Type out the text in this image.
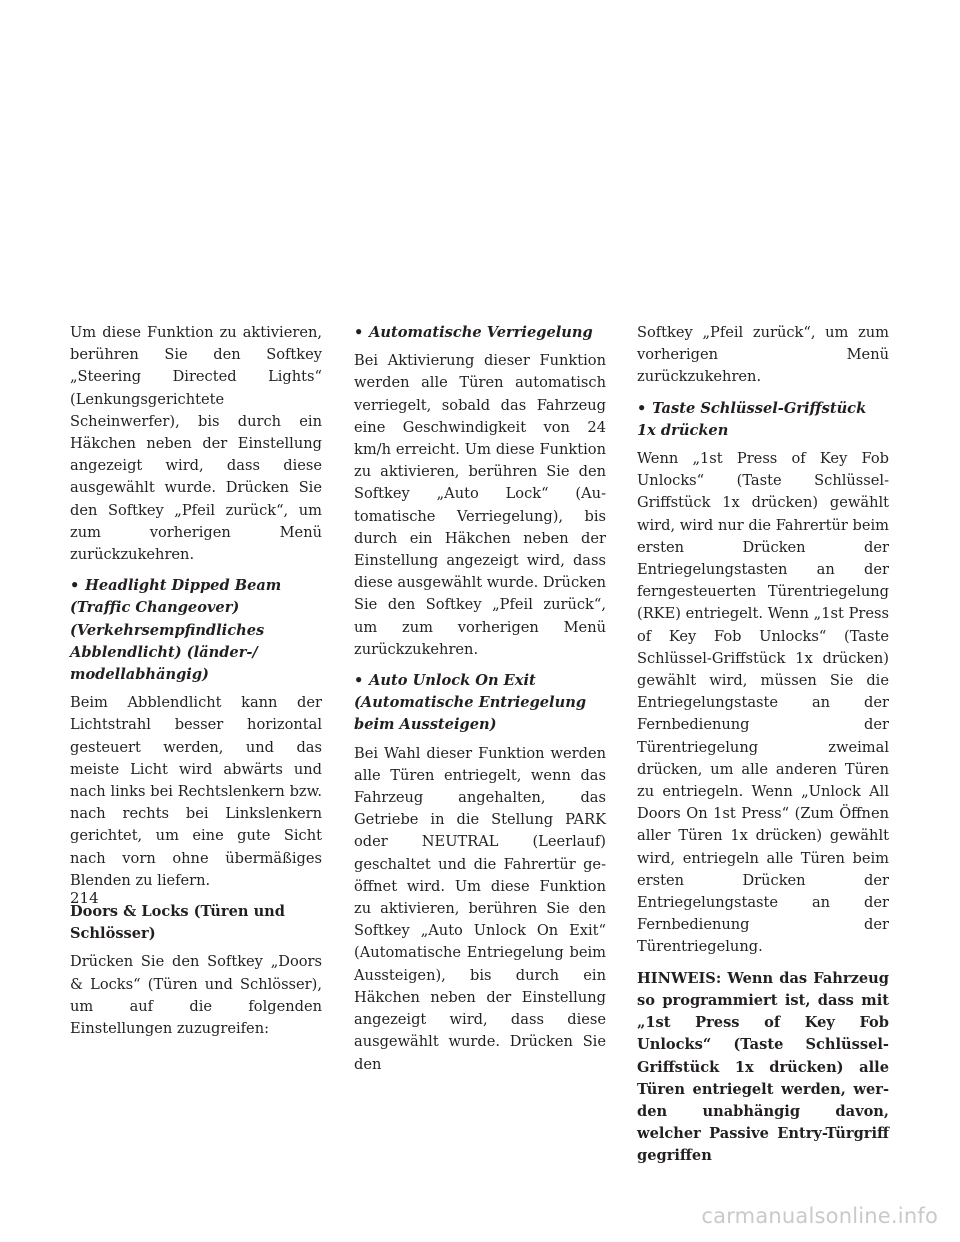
Um diese Funktion zu aktivieren, berühren Sie den Softkey „Steering Directed Lights“ (Lenkungsgerichtete Scheinwerfer), bis durch ein Häkchen neben der Einstellung angezeigt wird, dass diese ausgewählt wurde. Drücken Sie den Softkey „Pfeil zurück“, um zum vorherigen Menü zurückzukehren.

• Headlight Dipped Beam (Traffic Changeover) (Verkehrsempfindliches Abblendlicht) (länder-/ modellabhängig)

Beim Abblendlicht kann der Lichtstrahl besser horizontal gesteuert werden, und das meiste Licht wird abwärts und nach links bei Rechtslenkern bzw. nach rechts bei Linkslenkern gerichtet, um eine gute Sicht nach vorn ohne übermäßiges Blenden zu liefern.

Doors & Locks (Türen und Schlösser)

Drücken Sie den Softkey „Doors & Locks“ (Türen und Schlösser), um auf die folgenden Einstellungen zuzugreifen:

• Automatische Verriegelung

Bei Aktivierung dieser Funktion werden alle Türen automatisch verriegelt, sobald das Fahrzeug eine Geschwindigkeit von 24 km/h erreicht. Um diese Funktion zu aktivieren, berühren Sie den Softkey „Auto Lock“ (Automatische Verriegelung), bis durch ein Häkchen neben der Einstellung angezeigt wird, dass diese ausgewählt wurde. Drücken Sie den Softkey „Pfeil zurück“, um zum vorherigen Menü zurückzukehren.

• Auto Unlock On Exit (Automatische Entriegelung beim Aussteigen)

Bei Wahl dieser Funktion werden alle Türen entriegelt, wenn das Fahrzeug angehalten, das Getriebe in die Stellung PARK oder NEUTRAL (Leerlauf) geschaltet und die Fahrertür geöffnet wird. Um diese Funktion zu aktivieren, berühren Sie den Softkey „Auto Unlock On Exit“ (Automatische Entriegelung beim Aussteigen), bis durch ein Häkchen neben der Einstellung angezeigt wird, dass diese ausgewählt wurde. Drücken Sie den

Softkey „Pfeil zurück“, um zum vorherigen Menü zurückzukehren.

• Taste Schlüssel-Griffstück 1x drücken

Wenn „1st Press of Key Fob Unlocks“ (Taste Schlüssel-Griffstück 1x drücken) gewählt wird, wird nur die Fahrertür beim ersten Drücken der Entriegelungstasten an der ferngesteuerten Türentriegelung (RKE) entriegelt. Wenn „1st Press of Key Fob Unlocks“ (Taste Schlüssel-Griffstück 1x drücken) gewählt wird, müssen Sie die Entriegelungstaste an der Fernbedienung der Türentriegelung zweimal drücken, um alle anderen Türen zu entriegeln. Wenn „Unlock All Doors On 1st Press“ (Zum Öffnen aller Türen 1x drücken) gewählt wird, entriegeln alle Türen beim ersten Drücken der Entriegelungstaste an der Fernbedienung der Türentriegelung.

HINWEIS: Wenn das Fahrzeug so programmiert ist, dass mit „1st Press of Key Fob Unlocks“ (Taste Schlüssel-Griffstück 1x drücken) alle Türen entriegelt werden, werden unabhängig davon, welcher Passive Entry-Türgriff gegriffen

214
carmanualsonline.info
